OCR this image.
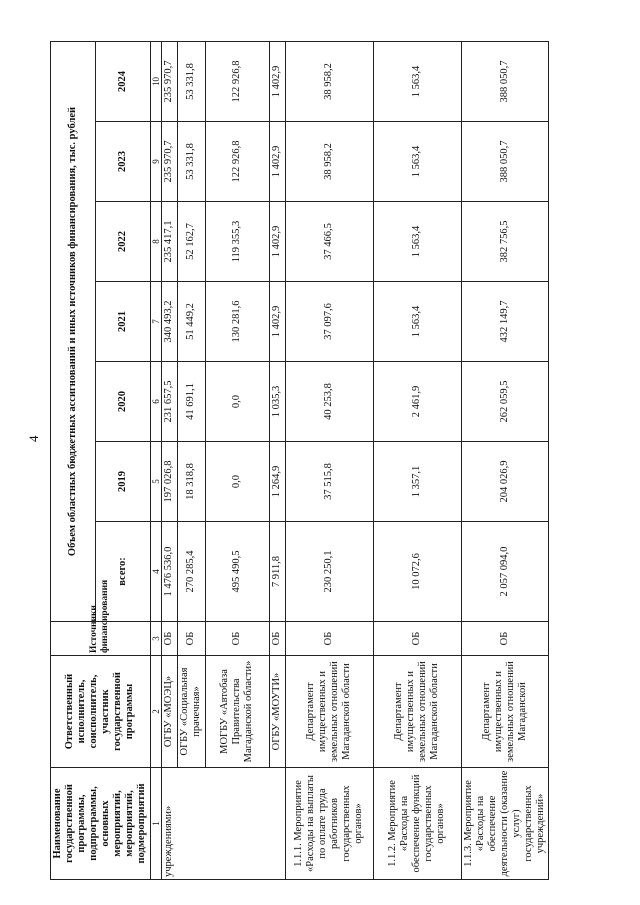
4
Наименование государственной программы, подпрограммы, основных мероприятий, мероприятий, подмероприятий	Ответственный исполнитель, соисполнитель, участник государственной программы	Источники финансирования	Объем областных бюджетных ассигнований и иных источников финансирования, тыс. рублей						
			всего:	2019	2020	2021	2022	2023	2024
1	2	3	4	5	6	7	8	9	10
учреждениями»	ОГБУ «МОЭЦ»	ОБ	1 476 536,0	197 026,8	231 657,5	340 493,2	235 417,1	235 970,7	235 970,7
	ОГБУ «Социальная прачечная»	ОБ	270 285,4	18 318,8	41 691,1	51 449,2	52 162,7	53 331,8	53 331,8
	МОГБУ «Автобаза Правительства Магаданской области»	ОБ	495 490,5	0,0	0,0	130 281,6	119 355,3	122 926,8	122 926,8
	ОГБУ «МОУТИ»	ОБ	7 911,8	1 264,9	1 035,3	1 402,9	1 402,9	1 402,9	1 402,9
1.1.1. Мероприятие «Расходы на выплаты по оплате труда работников государственных органов»	Департамент имущественных и земельных отношений Магаданской области	ОБ	230 250,1	37 515,8	40 253,8	37 097,6	37 466,5	38 958,2	38 958,2
1.1.2. Мероприятие «Расходы на обеспечение функций государственных органов»	Департамент имущественных и земельных отношений Магаданской области	ОБ	10 072,6	1 357,1	2 461,9	1 563,4	1 563,4	1 563,4	1 563,4
1.1.3. Мероприятие «Расходы на обеспечение деятельности (оказание услуг) государственных учреждений»	Департамент имущественных и земельных отношений Магаданской	ОБ	2 057 094,0	204 026,9	262 059,5	432 149,7	382 756,5	388 050,7	388 050,7
